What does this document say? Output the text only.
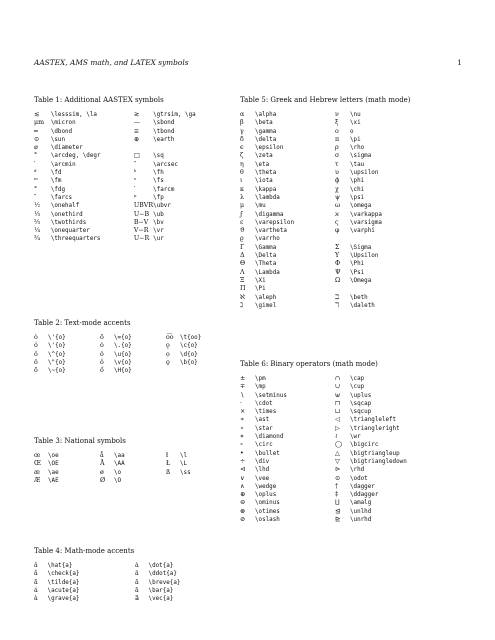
AASTEX, AMS math, and LATEX symbols	1
Table 1: Additional AASTEX symbols
≲	\lesssim, \la	≳	\gtrsim, \ga
μm	\micron	—	\sbond
═	\dbond	≡	\tbond
⊙	\sun	⊕	\earth
⌀	\diameter		
°	\arcdeg, \degr	□	\sq
′	\arcmin	″	\arcsec
ᵈ	\fd	ʰ	\fh
ᵐ	\fm	ˢ	\fs
°	\fdg	′	\farcm
″	\farcs	ᵖ	\fp
½	\onehalf	UBVR	\ubvr
⅓	\onethird	U−B	\ub
⅔	\twothirds	B−V	\bv
¼	\onequarter	V−R	\vr
¾	\threequarters	U−R	\ur
Table 2: Text-mode accents
ò	\'{o}	ō	\={o}	o͡o	\t{oo}
ó	\'{o}	ȯ	\.{o}	ǫ	\c{o}
ô	\^{o}	ŏ	\u{o}	ọ	\d{o}
ö	\"{o}	ǒ	\v{o}	o̱	\b{o}
õ	\~{o}	ő	\H{o}		
Table 3: National symbols
œ	\oe	å	\aa	ł	\l
Œ	\OE	Å	\AA	Ł	\L
æ	\ae	ø	\o	ß	\ss
Æ	\AE	Ø	\O		
Table 4: Math-mode accents
â	\hat{a}	ȧ	\dot{a}
ǎ	\check{a}	ä	\ddot{a}
ã	\tilde{a}	ă	\breve{a}
á	\acute{a}	ā	\bar{a}
à	\grave{a}	a⃗	\vec{a}
Table 5: Greek and Hebrew letters (math mode)
α	\alpha	ν	\nu
β	\beta	ξ	\xi
γ	\gamma	o	o
δ	\delta	π	\pi
ϵ	\epsilon	ρ	\rho
ζ	\zeta	σ	\sigma
η	\eta	τ	\tau
θ	\theta	υ	\upsilon
ι	\iota	ϕ	\phi
κ	\kappa	χ	\chi
λ	\lambda	ψ	\psi
μ	\mu	ω	\omega
ϝ	\digamma	ϰ	\varkappa
ε	\varepsilon	ς	\varsigma
ϑ	\vartheta	φ	\varphi
ϱ	\varrho		
Γ	\Gamma	Σ	\Sigma
Δ	\Delta	Υ	\Upsilon
Θ	\Theta	Φ	\Phi
Λ	\Lambda	Ψ	\Psi
Ξ	\Xi	Ω	\Omega
Π	\Pi		
ℵ	\aleph	ℶ	\beth
ℷ	\gimel	ℸ	\daleth
Table 6: Binary operators (math mode)
±	\pm	∩	\cap
∓	\mp	∪	\cup
∖	\setminus	⊎	\uplus
·	\cdot	⊓	\sqcap
×	\times	⊔	\sqcup
∗	\ast	◁	\triangleleft
⋆	\star	▷	\triangleright
⋄	\diamond	≀	\wr
∘	\circ	◯	\bigcirc
•	\bullet	△	\bigtriangleup
÷	\div	▽	\bigtriangledown
⊲	\lhd	⊳	\rhd
∨	\vee	⊙	\odot
∧	\wedge	†	\dagger
⊕	\oplus	‡	\ddagger
⊖	\ominus	⨿	\amalg
⊗	\otimes	⊴	\unlhd
⊘	\oslash	⊵	\unrhd
